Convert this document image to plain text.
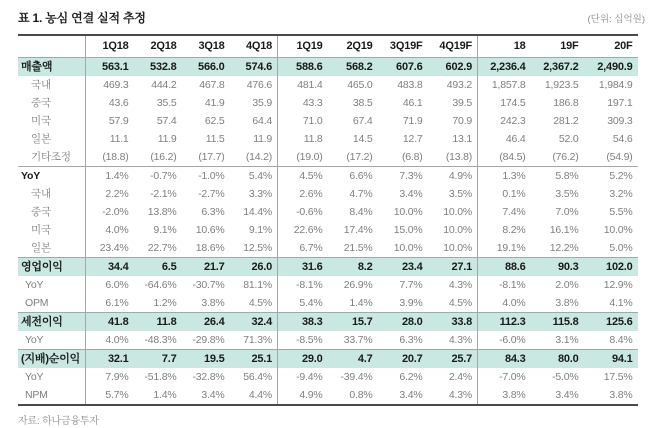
표 1. 농심 연결 실적 추정	(단위: 십억원)
	1Q18	2Q18	3Q18	4Q18	1Q19	2Q19	3Q19F	4Q19F	18	19F	20F
매출액	563.1	532.8	566.0	574.6	588.6	568.2	607.6	602.9	2,236.4	2,367.2	2,490.9
국내	469.3	444.2	467.8	476.6	481.4	465.0	483.8	493.2	1,857.8	1,923.5	1,984.9
중국	43.6	35.5	41.9	35.9	43.3	38.5	46.1	39.5	174.5	186.8	197.1
미국	57.9	57.4	62.5	64.4	71.0	67.4	71.9	70.9	242.3	281.2	309.3
일본	11.1	11.9	11.5	11.9	11.8	14.5	12.7	13.1	46.4	52.0	54.6
기타조정	(18.8)	(16.2)	(17.7)	(14.2)	(19.0)	(17.2)	(6.8)	(13.8)	(84.5)	(76.2)	(54.9)
YoY	1.4%	-0.7%	-1.0%	5.4%	4.5%	6.6%	7.3%	4.9%	1.3%	5.8%	5.2%
국내	2.2%	-2.1%	-2.7%	3.3%	2.6%	4.7%	3.4%	3.5%	0.1%	3.5%	3.2%
중국	-2.0%	13.8%	6.3%	14.4%	-0.6%	8.4%	10.0%	10.0%	7.4%	7.0%	5.5%
미국	4.0%	9.1%	10.6%	9.1%	22.6%	17.4%	15.0%	10.0%	8.2%	16.1%	10.0%
일본	23.4%	22.7%	18.6%	12.5%	6.7%	21.5%	10.0%	10.0%	19.1%	12.2%	5.0%
영업이익	34.4	6.5	21.7	26.0	31.6	8.2	23.4	27.1	88.6	90.3	102.0
YoY	6.0%	-64.6%	-30.7%	81.1%	-8.1%	26.9%	7.7%	4.3%	-8.1%	2.0%	12.9%
OPM	6.1%	1.2%	3.8%	4.5%	5.4%	1.4%	3.9%	4.5%	4.0%	3.8%	4.1%
세전이익	41.8	11.8	26.4	32.4	38.3	15.7	28.0	33.8	112.3	115.8	125.6
YoY	4.0%	-48.3%	-29.8%	71.3%	-8.5%	33.7%	6.3%	4.3%	-6.0%	3.1%	8.4%
(지배)순이익	32.1	7.7	19.5	25.1	29.0	4.7	20.7	25.7	84.3	80.0	94.1
YoY	7.9%	-51.8%	-32.8%	56.4%	-9.4%	-39.4%	6.2%	2.4%	-7.0%	-5.0%	17.5%
NPM	5.7%	1.4%	3.4%	4.4%	4.9%	0.8%	3.4%	4.3%	3.8%	3.4%	3.8%
자료: 하나금융투자
